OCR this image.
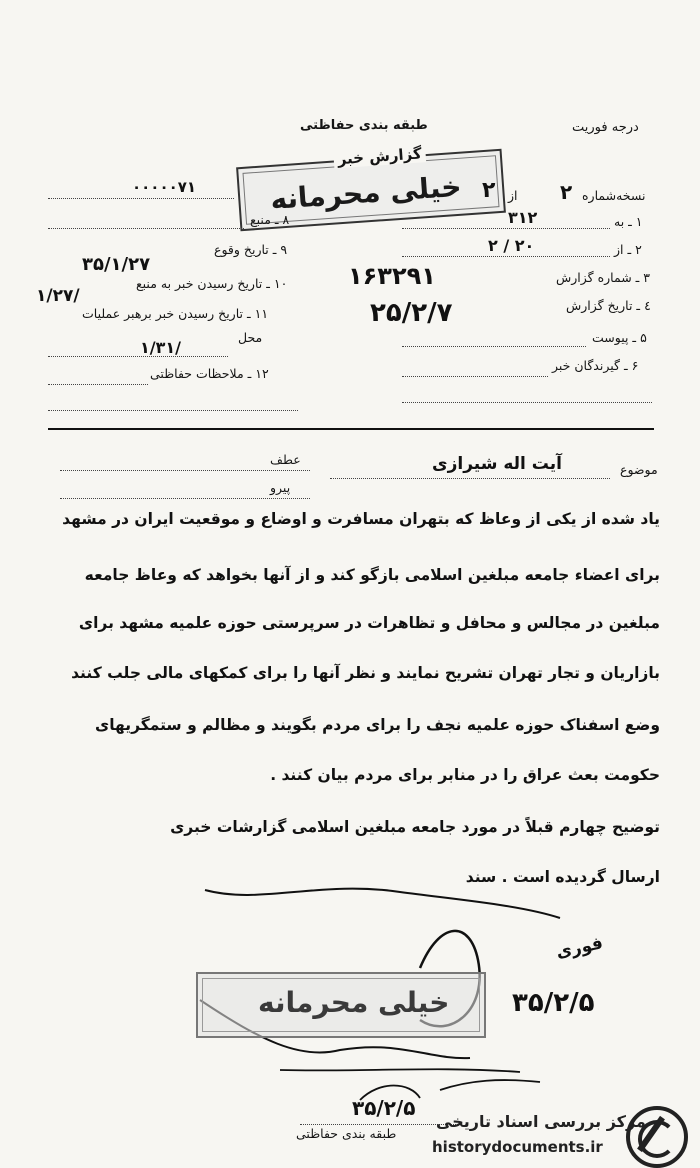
طبقه بندی حفاظتی	درجه فوریت
گزارش خبر
خیلی محرمانه	نسخه‌شماره
۲
از
۲
۱ ـ به
۳۱۲
۲ ـ از
۲ / ۲۰
۳ ـ شماره گزارش
۱۶۳۲۹۱
٤ ـ تاریخ گزارش
۲۵/۲/۷
۵ ـ پیوست
۶ ـ گیرندگان خبر
۰۰۰۰۰۷۱
۸ ـ منبع
۹ ـ تاریخ وقوع
۳۵/۱/۲۷
۱۰ ـ تاریخ رسیدن خبر به منبع
۱/۲۷/
۱۱ ـ تاریخ رسیدن خبر برهبر عملیات
محل
۱/۳۱/
۱۲ ـ ملاحظات حفاظتی
موضوع
آیت اله شیرازی
عطف
پیرو
یاد شده از یکی از وعاظ که بتهران مسافرت و اوضاع و موقعیت ایران در مشهد
برای اعضاء جامعه مبلغین اسلامی بازگو کند و از آنها بخواهد که وعاظ جامعه
مبلغین در مجالس و محافل و تظاهرات در سرپرستی حوزه علمیه مشهد برای
بازاریان و تجار تهران تشریح نمایند و نظر آنها را برای کمکهای مالی جلب کنند
وضع اسفناک حوزه علمیه نجف را برای مردم بگویند و مظالم و ستمگریهای
حکومت بعث عراق را در منابر برای مردم بیان کنند .
توضیح چهارم قبلاً در مورد جامعه مبلغین اسلامی گزارشات خبری
ارسال گردیده است . سند
فوری
۳۵/۲/۵
خیلی محرمانه
۳۵/۲/۵
طبقه بندی حفاظتی
مرکز بررسی اسناد تاریخی
historydocuments.ir
